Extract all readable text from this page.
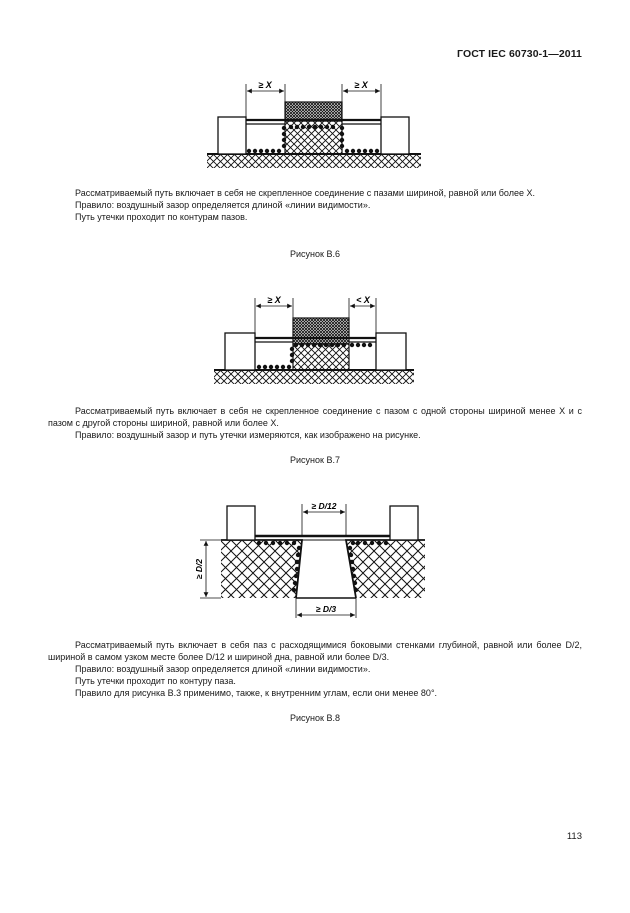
ГОСТ IEC 60730-1—2011
≥ X	≥ X

Рассматриваемый путь включает в себя не скрепленное соединение с пазами шириной, равной или более Х.

Правило: воздушный зазор определяется длиной «линии видимости».

Путь утечки проходит по контурам пазов.

Рисунок В.6
≥ X	< X

Рассматриваемый путь включает в себя не скрепленное соединение с пазом с одной стороны шириной менее X и с пазом с другой стороны шириной, равной или более X.

Правило: воздушный зазор и путь утечки измеряются, как изображено на рисунке.

Рисунок В.7
≥ D/12
≥ D/2
≥ D/3

Рассматриваемый путь включает в себя паз с расходящимися боковыми стенками глубиной, равной или более D/2, шириной в самом узком месте более D/12 и шириной дна, равной или более D/3.

Правило: воздушный зазор определяется длиной «линии видимости».

Путь утечки проходит по контуру паза.

Правило для рисунка В.3 применимо, также, к внутренним углам, если они менее 80°.

Рисунок В.8
113
